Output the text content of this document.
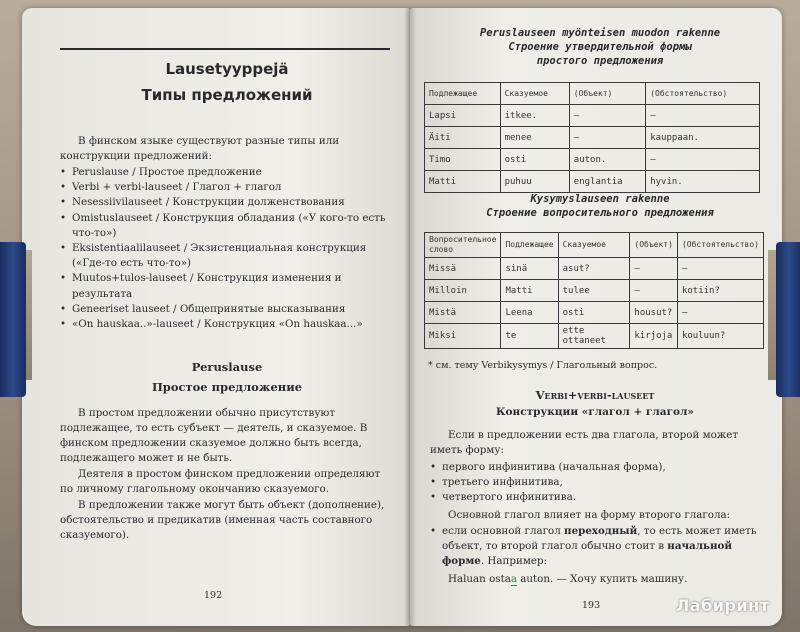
Lausetyyppejä
Типы предложений

В финском языке существуют разные типы или конструкции предложений:

• Peruslause / Простое предложение
• Verbi + verbi-lauseet / Глагол + глагол
• Nesessiivilauseet / Конструкции долженствования
• Omistuslauseet / Конструкция обладания («У кого-то есть что-то»)
• Eksistentiaalilauseet / Экзистенциальная конструкция («Где-то есть что-то»)
• Muutos+tulos-lauseet / Конструкция изменения и результата
• Geneeriset lauseet / Общепринятые высказывания
• «On hauskaa..»-lauseet / Конструкция «On hauskaa...»
Peruslause
Простое предложение

В простом предложении обычно присутствуют подлежащее, то есть субъект — деятель, и сказуемое. В финском предложении сказуемое должно быть всегда, подлежащего может и не быть.

Деятеля в простом финском предложении определяют по личному глагольному окончанию сказуемого.

В предложении также могут быть объект (дополнение), обстоятельство и предикатив (именная часть составного сказуемого).

192
Peruslauseen myönteisen muodon rakenne
Строение утвердительной формы
простого предложения
Подлежащее	Сказуемое	(Объект)	(Обстоятельство)
Lapsi	itkee.	–	–
Äiti	menee	–	kauppaan.
Timo	osti	auton.	–
Matti	puhuu	englantia	hyvin.
Kysymyslauseen rakenne
Строение вопросительного предложения
Вопросительное слово	Подлежащее	Сказуемое	(Объект)	(Обстоятельство)
Missä	sinä	asut?	–	–
Milloin	Matti	tulee	–	kotiin?
Mistä	Leena	osti	housut?	–
Miksi	te	ette ottaneet	kirjoja	kouluun?
* см. тему Verbikysymys / Глагольный вопрос.
Verbi+verbi-lauseet
Конструкции «глагол + глагол»

Если в предложении есть два глагола, второй может иметь форму:

• первого инфинитива (начальная форма),
• третьего инфинитива,
• четвертого инфинитива.

Основной глагол влияет на форму второго глагола:

• если основной глагол переходный, то есть может иметь объект, то второй глагол обычно стоит в начальной форме. Например:

Haluan ostaa auton. — Хочу купить машину.

193	Лабиринт
